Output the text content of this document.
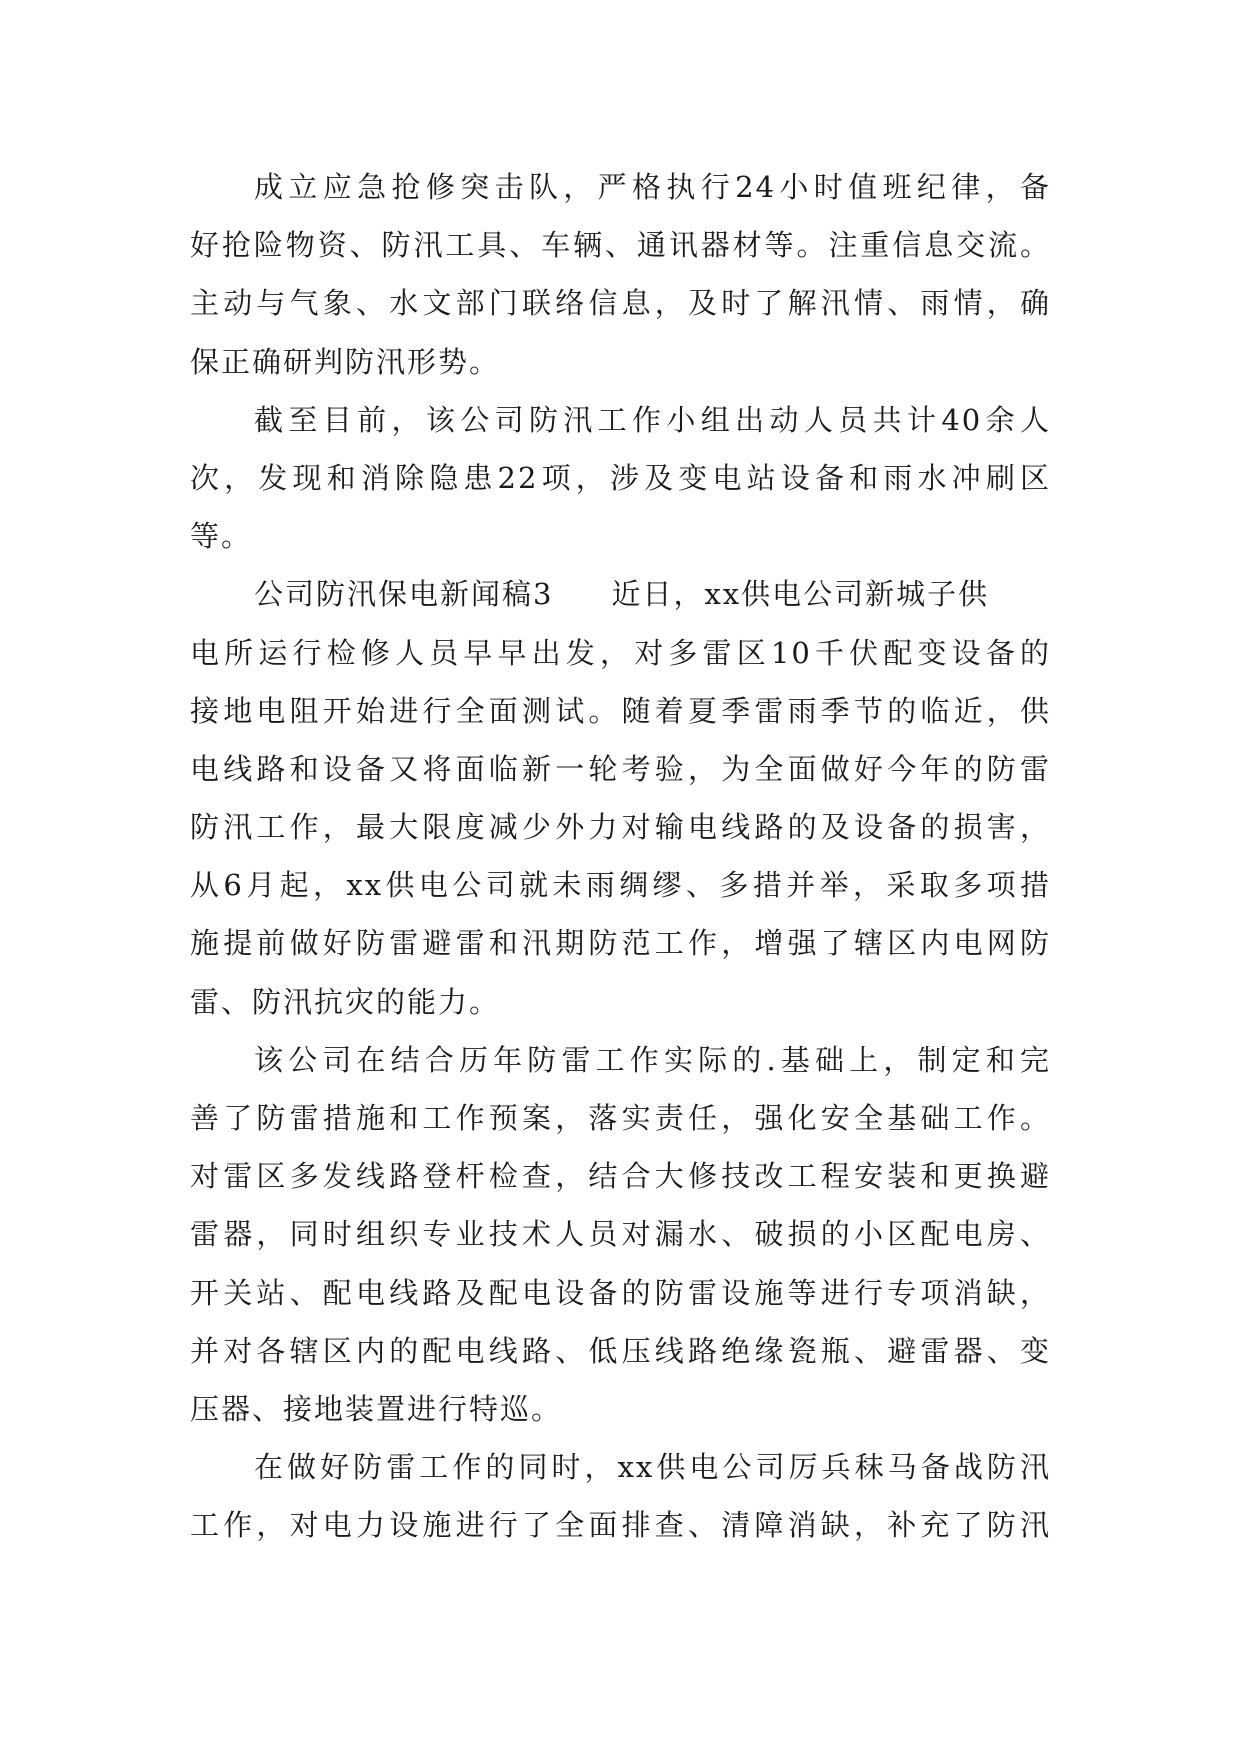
成立应急抢修突击队，严格执行24小时值班纪律，备
好抢险物资、防汛工具、车辆、通讯器材等。注重信息交流。
主动与气象、水文部门联络信息，及时了解汛情、雨情，确
保正确研判防汛形势。
截至目前，该公司防汛工作小组出动人员共计40余人
次，发现和消除隐患22项，涉及变电站设备和雨水冲刷区
等。
公司防汛保电新闻稿3 近日，xx供电公司新城子供
电所运行检修人员早早出发，对多雷区10千伏配变设备的
接地电阻开始进行全面测试。随着夏季雷雨季节的临近，供
电线路和设备又将面临新一轮考验，为全面做好今年的防雷
防汛工作，最大限度减少外力对输电线路的及设备的损害，
从6月起，xx供电公司就未雨绸缪、多措并举，采取多项措
施提前做好防雷避雷和汛期防范工作，增强了辖区内电网防
雷、防汛抗灾的能力。
该公司在结合历年防雷工作实际的.基础上，制定和完
善了防雷措施和工作预案，落实责任，强化安全基础工作。
对雷区多发线路登杆检查，结合大修技改工程安装和更换避
雷器，同时组织专业技术人员对漏水、破损的小区配电房、
开关站、配电线路及配电设备的防雷设施等进行专项消缺，
并对各辖区内的配电线路、低压线路绝缘瓷瓶、避雷器、变
压器、接地装置进行特巡。
在做好防雷工作的同时，xx供电公司厉兵秣马备战防汛
工作，对电力设施进行了全面排查、清障消缺，补充了防汛
